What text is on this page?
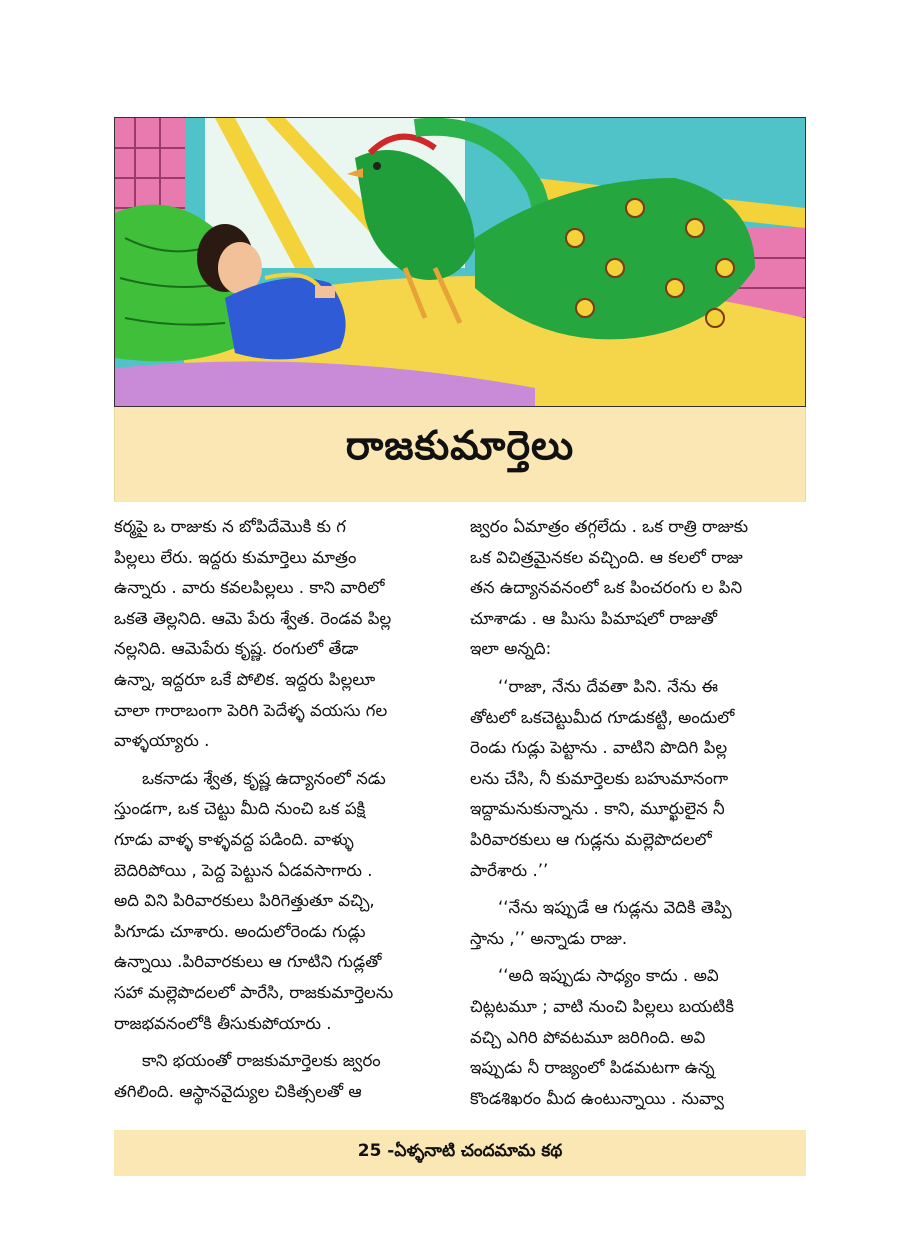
రాజకుమార్తెలు
కర్మపై ఒ రాజుకు న బోపిదేమొకి కు గ
పిల్లలు లేరు. ఇద్దరు కుమార్తెలు మాత్రం
ఉన్నారు . వారు కవలపిల్లలు . కాని వారిలో
ఒకతె తెల్లనిది. ఆమె పేరు శ్వేత. రెండవ పిల్ల
నల్లనిది. ఆమెపేరు కృష్ణ. రంగులో తేడా
ఉన్నా, ఇద్దరూ ఒకే పోలిక. ఇద్దరు పిల్లలూ
చాలా గారాబంగా పెరిగి పెదేళ్ళ వయసు గల
వాళ్ళయ్యారు .
ఒకనాడు శ్వేత, కృష్ణ ఉద్యానంలో నడు
స్తుండగా, ఒక చెట్టు మీది నుంచి ఒక పక్షి
గూడు వాళ్ళ కాళ్ళవద్ద పడింది. వాళ్ళు
బెదిరిపోయి , పెద్ద పెట్టున ఏడవసాగారు .
అది విని పిరివారకులు పిరిగెత్తుతూ వచ్చి,
పిగూడు చూశారు. అందులోరెండు గుడ్లు
ఉన్నాయి .పిరివారకులు ఆ గూటిని గుడ్లతో
సహా మల్లెపొదలలో పారేసి, రాజకుమార్తెలను
రాజభవనంలోకి తీసుకుపోయారు .
కాని భయంతో రాజకుమార్తెలకు జ్వరం
తగిలింది. ఆస్థానవైద్యుల చికిత్సలతో ఆ
జ్వరం ఏమాత్రం తగ్గలేదు . ఒక రాత్రి రాజుకు
ఒక విచిత్రమైనకల వచ్చింది. ఆ కలలో రాజు
తన ఉద్యానవనంలో ఒక పించరంగు ల పిని
చూశాడు . ఆ పిుసు పిమాషలో రాజుతో
ఇలా అన్నది:
‘‘రాజా, నేను దేవతా పిని. నేను ఈ
తోటలో ఒకచెట్టుమీద గూడుకట్టి, అందులో
రెండు గుడ్లు పెట్టాను . వాటిని పొదిగి పిల్ల
లను చేసి, నీ కుమార్తెలకు బహుమానంగా
ఇద్దామనుకున్నాను . కాని, మూర్ఖులైన నీ
పిరివారకులు ఆ గుడ్లను మల్లెపొదలలో
పారేశారు .’’
‘‘నేను ఇప్పుడే ఆ గుడ్లను వెదికి తెప్పి
స్తాను ,’’ అన్నాడు రాజు.
‘‘అది ఇప్పుడు సాధ్యం కాదు . అవి
చిట్లటమూ ; వాటి నుంచి పిల్లలు బయటికి
వచ్చి ఎగిరి పోవటమూ జరిగింది. అవి
ఇప్పుడు నీ రాజ్యంలో పిడమటగా ఉన్న
కొండశిఖరం మీద ఉంటున్నాయి . నువ్వా
25 -ఏళ్ళనాటి చందమామ కథ
